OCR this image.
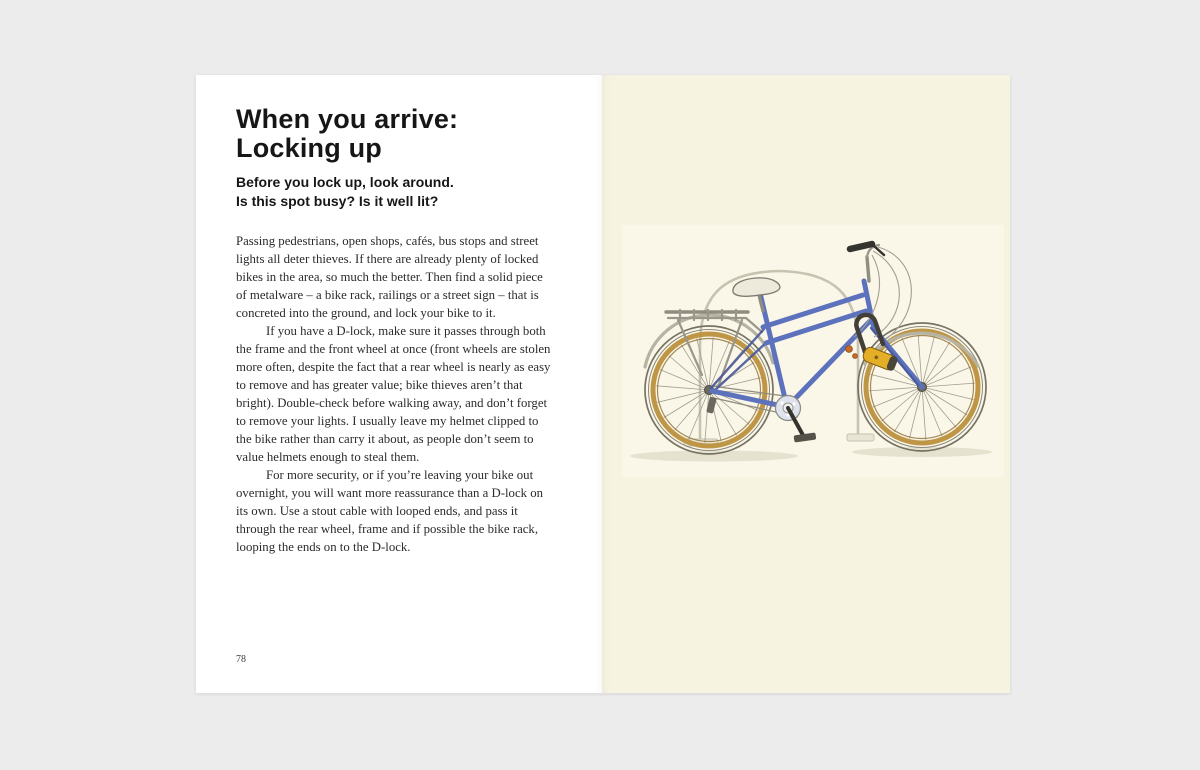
When you arrive:
Locking up
Before you lock up, look around.
Is this spot busy? Is it well lit?

Passing pedestrians, open shops, cafés, bus stops and street lights all deter thieves. If there are already plenty of locked bikes in the area, so much the better. Then find a solid piece of metalware – a bike rack, railings or a street sign – that is concreted into the ground, and lock your bike to it.

If you have a D-lock, make sure it passes through both the frame and the front wheel at once (front wheels are stolen more often, despite the fact that a rear wheel is nearly as easy to remove and has greater value; bike thieves aren’t that bright). Double-check before walking away, and don’t forget to remove your lights. I usually leave my helmet clipped to the bike rather than carry it about, as people don’t seem to value helmets enough to steal them.

For more security, or if you’re leaving your bike out overnight, you will want more reassurance than a D-lock on its own. Use a stout cable with looped ends, and pass it through the rear wheel, frame and if possible the bike rack, looping the ends on to the D-lock.

78
